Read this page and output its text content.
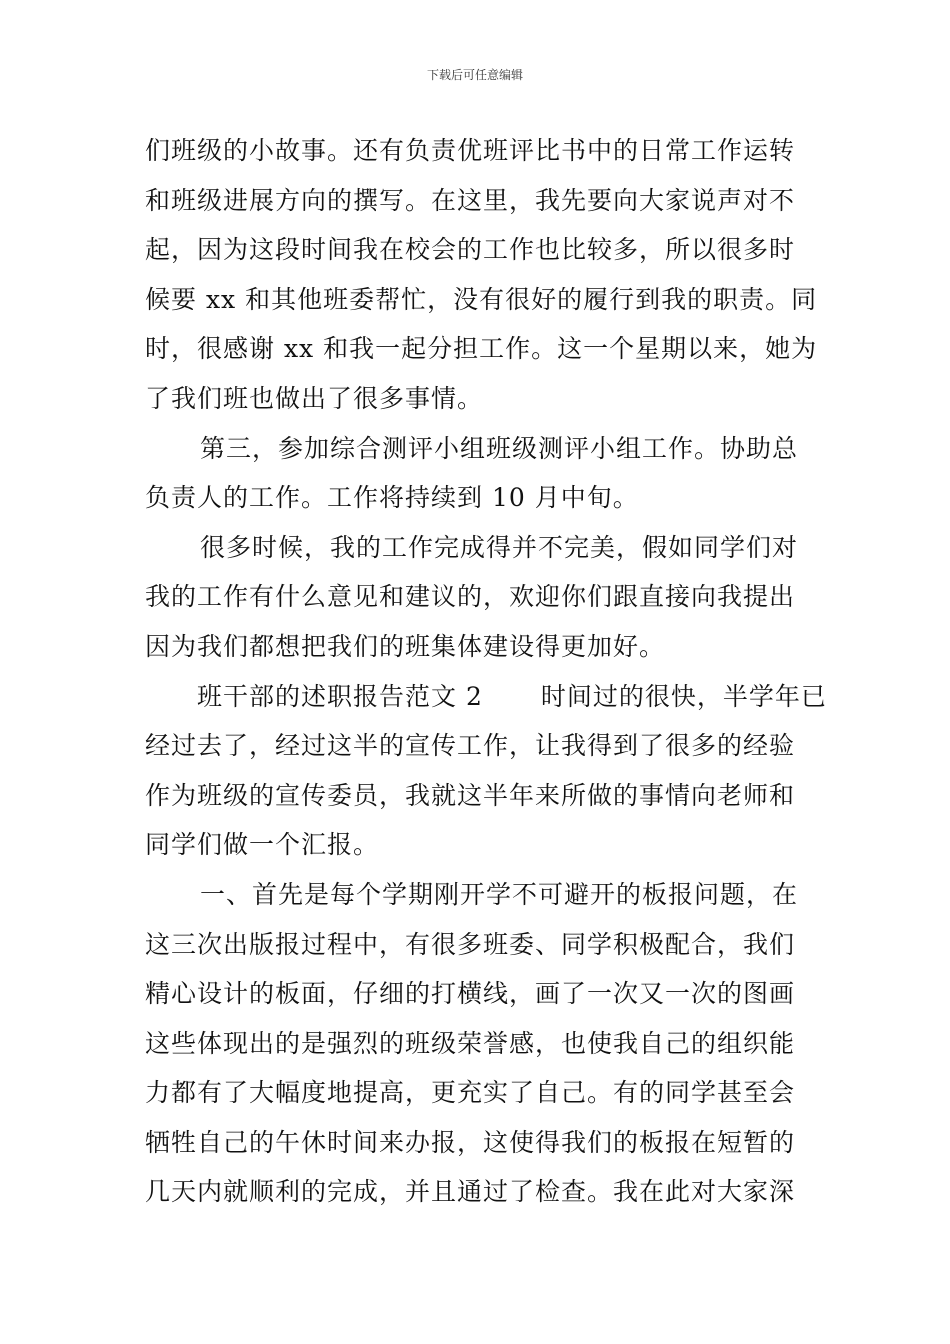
下载后可任意编辑
们班级的小故事。还有负责优班评比书中的日常工作运转
和班级进展方向的撰写。在这里，我先要向大家说声对不
起，因为这段时间我在校会的工作也比较多，所以很多时
候要 xx 和其他班委帮忙，没有很好的履行到我的职责。同
时，很感谢 xx 和我一起分担工作。这一个星期以来，她为
了我们班也做出了很多事情。
第三，参加综合测评小组班级测评小组工作。协助总
负责人的工作。工作将持续到 10 月中旬。
很多时候，我的工作完成得并不完美，假如同学们对
我的工作有什么意见和建议的，欢迎你们跟直接向我提出
因为我们都想把我们的班集体建设得更加好。
班干部的述职报告范文 2 时间过的很快，半学年已
经过去了，经过这半的宣传工作，让我得到了很多的经验
作为班级的宣传委员，我就这半年来所做的事情向老师和
同学们做一个汇报。
一、首先是每个学期刚开学不可避开的板报问题，在
这三次出版报过程中，有很多班委、同学积极配合，我们
精心设计的板面，仔细的打横线，画了一次又一次的图画
这些体现出的是强烈的班级荣誉感，也使我自己的组织能
力都有了大幅度地提高，更充实了自己。有的同学甚至会
牺牲自己的午休时间来办报，这使得我们的板报在短暂的
几天内就顺利的完成，并且通过了检查。我在此对大家深
